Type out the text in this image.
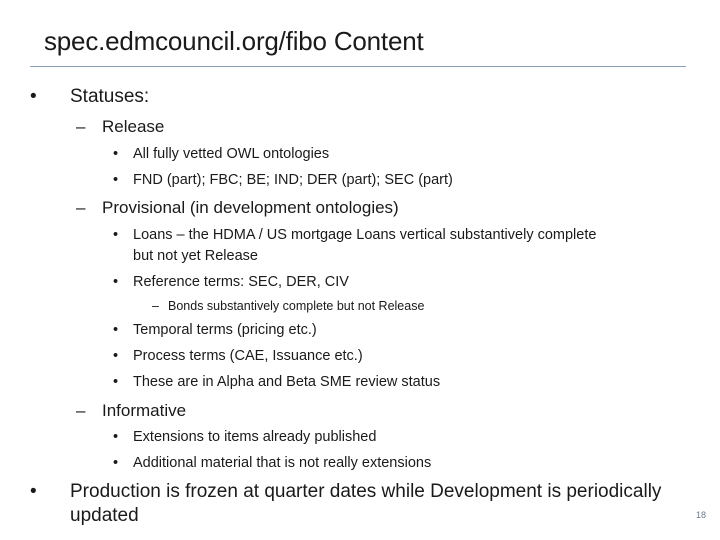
spec.edmcouncil.org/fibo Content
• Statuses:
– Release
• All fully vetted OWL ontologies
• FND (part); FBC; BE; IND; DER (part); SEC (part)
– Provisional (in development ontologies)
• Loans – the HDMA / US mortgage Loans vertical substantively complete
but not yet Release
• Reference terms: SEC, DER, CIV
– Bonds substantively complete but not Release
• Temporal terms (pricing etc.)
• Process terms (CAE, Issuance etc.)
• These are in Alpha and Beta SME review status
– Informative
• Extensions to items already published
• Additional material that is not really extensions
• Production is frozen at quarter dates while Development is periodically
updated	18
